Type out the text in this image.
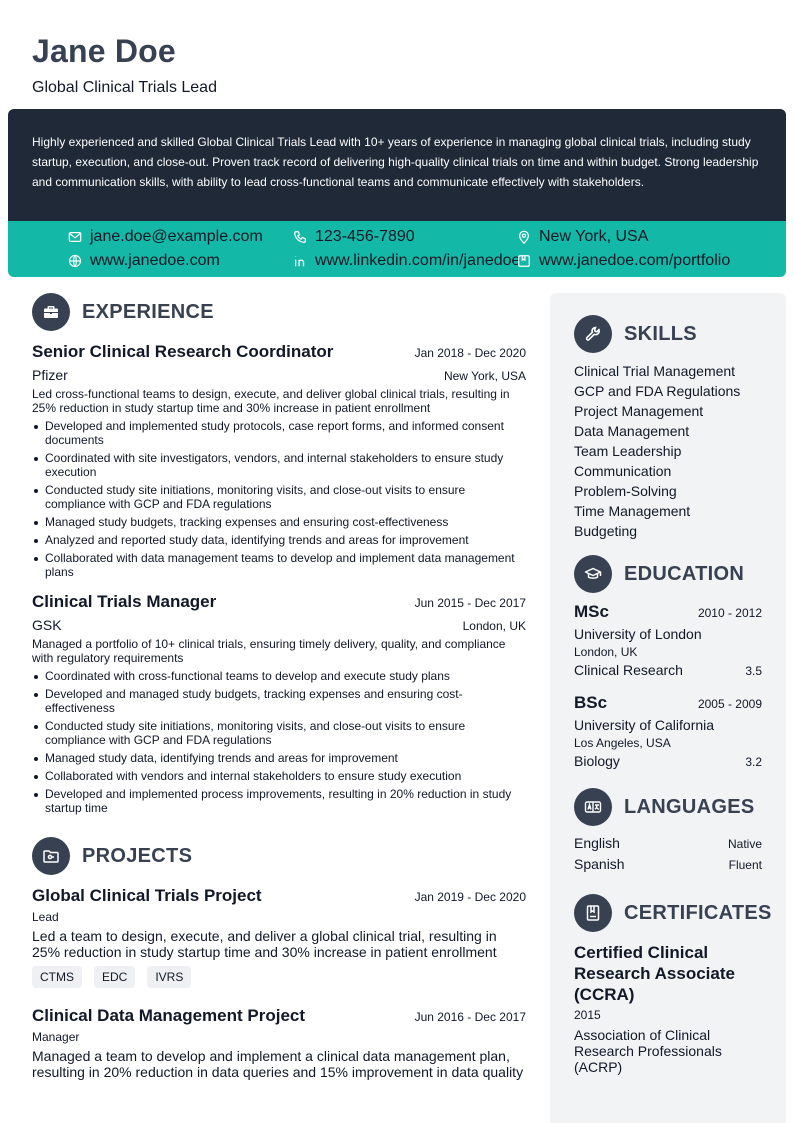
Jane Doe
Global Clinical Trials Lead
Highly experienced and skilled Global Clinical Trials Lead with 10+ years of experience in managing global clinical trials, including study startup, execution, and close-out. Proven track record of delivering high-quality clinical trials on time and within budget. Strong leadership and communication skills, with ability to lead cross-functional teams and communicate effectively with stakeholders.
jane.doe@example.com	123-456-7890	New York, USA
www.janedoe.com	www.linkedin.com/in/janedoe www.janedoe.com/portfolio
EXPERIENCE
Senior Clinical Research Coordinator	Jan 2018 - Dec 2020
Pfizer	New York, USA
Led cross-functional teams to design, execute, and deliver global clinical trials, resulting in 25% reduction in study startup time and 30% increase in patient enrollment
Developed and implemented study protocols, case report forms, and informed consent documents
Coordinated with site investigators, vendors, and internal stakeholders to ensure study execution
Conducted study site initiations, monitoring visits, and close-out visits to ensure compliance with GCP and FDA regulations
Managed study budgets, tracking expenses and ensuring cost-effectiveness
Analyzed and reported study data, identifying trends and areas for improvement
Collaborated with data management teams to develop and implement data management plans
Clinical Trials Manager	Jun 2015 - Dec 2017
GSK	London, UK
Managed a portfolio of 10+ clinical trials, ensuring timely delivery, quality, and compliance with regulatory requirements
Coordinated with cross-functional teams to develop and execute study plans
Developed and managed study budgets, tracking expenses and ensuring cost-effectiveness
Conducted study site initiations, monitoring visits, and close-out visits to ensure compliance with GCP and FDA regulations
Managed study data, identifying trends and areas for improvement
Collaborated with vendors and internal stakeholders to ensure study execution
Developed and implemented process improvements, resulting in 20% reduction in study startup time
PROJECTS
Global Clinical Trials Project	Jan 2019 - Dec 2020
Lead
Led a team to design, execute, and deliver a global clinical trial, resulting in 25% reduction in study startup time and 30% increase in patient enrollment
CTMS	EDC	IVRS
Clinical Data Management Project	Jun 2016 - Dec 2017
Manager
Managed a team to develop and implement a clinical data management plan, resulting in 20% reduction in data queries and 15% improvement in data quality
SKILLS
Clinical Trial Management
GCP and FDA Regulations
Project Management
Data Management
Team Leadership
Communication
Problem-Solving
Time Management
Budgeting
EDUCATION
MSc	2010 - 2012
University of London
London, UK
Clinical Research	3.5
BSc	2005 - 2009
University of California
Los Angeles, USA
Biology	3.2
LANGUAGES
English	Native
Spanish	Fluent
CERTIFICATES
Certified Clinical Research Associate (CCRA)
2015
Association of Clinical Research Professionals (ACRP)
